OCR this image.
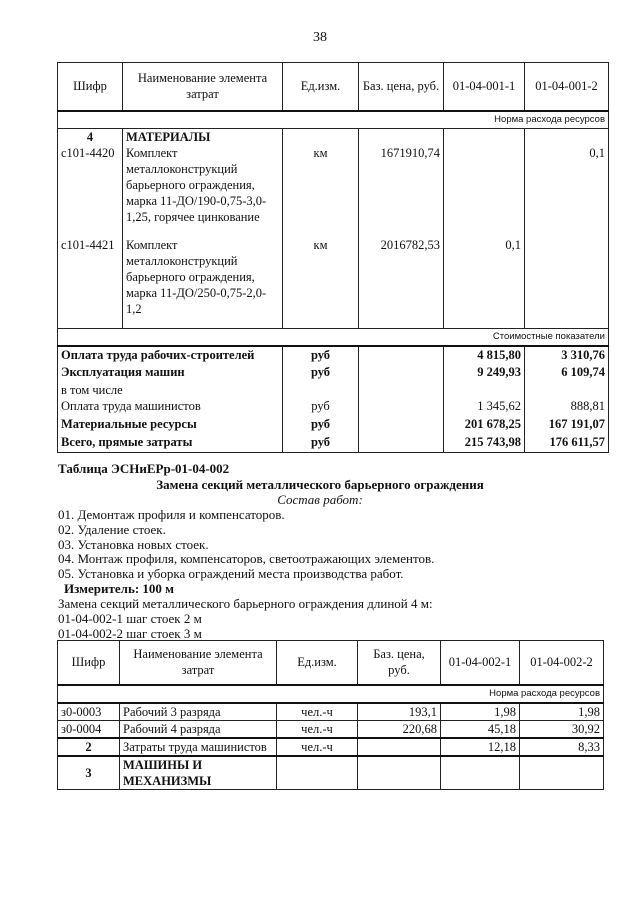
38
Шифр	Наименование элемента затрат	Ед.изм.	Баз. цена, руб.	01-04-001-1	01-04-001-2
Норма расхода ресурсов					
4	МАТЕРИАЛЫ				
с101-4420	Комплект металлоконструкций барьерного ограждения, марка 11-ДО/190-0,75-3,0-1,25, горячее цинкование	км	1671910,74		0,1
с101-4421	Комплект металлоконструкций барьерного ограждения, марка 11-ДО/250-0,75-2,0-1,2	км	2016782,53	0,1	
Стоимостные показатели					
Оплата труда рабочих-строителей		руб		4 815,80	3 310,76
Эксплуатация машин		руб		9 249,93	6 109,74
в том числе					
Оплата труда машинистов		руб		1 345,62	888,81
Материальные ресурсы		руб		201 678,25	167 191,07
Всего, прямые затраты		руб		215 743,98	176 611,57
Таблица ЭСНиЕРр-01-04-002
Замена секций металлического барьерного ограждения
Состав работ:
01. Демонтаж профиля и компенсаторов.
02. Удаление стоек.
03. Установка новых стоек.
04. Монтаж профиля, компенсаторов, светоотражающих элементов.
05. Установка и уборка ограждений места производства работ.
Измеритель: 100 м
Замена секций металлического барьерного ограждения длиной 4 м:
01-04-002-1 шаг стоек 2 м
01-04-002-2 шаг стоек 3 м
Шифр	Наименование элемента затрат	Ед.изм.	Баз. цена, руб.	01-04-002-1	01-04-002-2
Норма расхода ресурсов					
з0-0003	Рабочий 3 разряда	чел.-ч	193,1	1,98	1,98
з0-0004	Рабочий 4 разряда	чел.-ч	220,68	45,18	30,92
2	Затраты труда машинистов	чел.-ч		12,18	8,33
3	МАШИНЫ И МЕХАНИЗМЫ				
